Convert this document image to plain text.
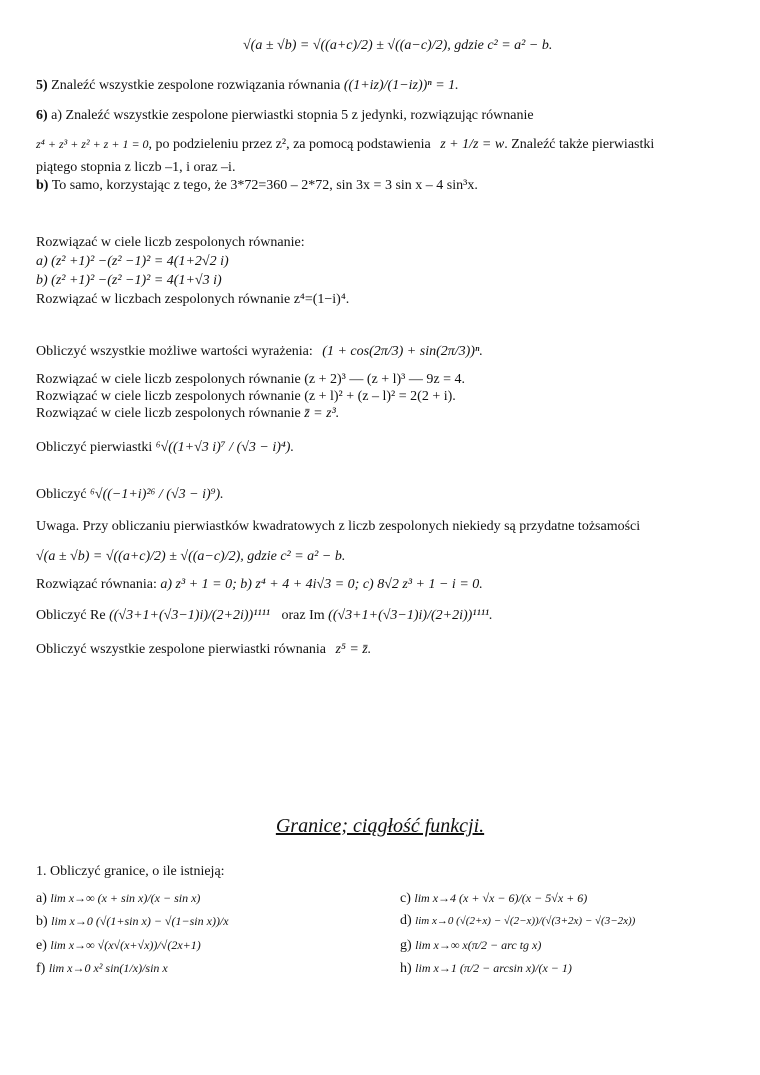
√(a ± √b) = √((a+c)/2) ± √((a−c)/2), gdzie c² = a² − b.
5) Znaleźć wszystkie zespolone rozwiązania równania ((1+iz)/(1−iz))ⁿ = 1.
6) a) Znaleźć wszystkie zespolone pierwiastki stopnia 5 z jedynki, rozwiązując równanie
z⁴ + z³ + z² + z + 1 = 0, po podzieleniu przez z², za pomocą podstawienia z + 1/z = w. Znaleźć także pierwiastki
piątego stopnia z liczb –1, i oraz –i.
b) To samo, korzystając z tego, że 3*72=360 – 2*72, sin 3x = 3 sin x – 4 sin³x.
Rozwiązać w ciele liczb zespolonych równanie:
a) (z² +1)² −(z² −1)² = 4(1+2√2 i)
b) (z² +1)² −(z² −1)² = 4(1+√3 i)
Rozwiązać w liczbach zespolonych równanie z⁴=(1−i)⁴.
Obliczyć wszystkie możliwe wartości wyrażenia: (1 + cos(2π/3) + sin(2π/3))ⁿ.
Rozwiązać w ciele liczb zespolonych równanie (z + 2)³ — (z + l)³ — 9z = 4.
Rozwiązać w ciele liczb zespolonych równanie (z + l)² + (z – l)² = 2(2 + i).
Rozwiązać w ciele liczb zespolonych równanie z̄ = z³.
Obliczyć pierwiastki ⁶√((1+√3 i)⁷ / (√3 − i)⁴).
Obliczyć ⁶√((−1+i)²⁶ / (√3 − i)⁹).
Uwaga. Przy obliczaniu pierwiastków kwadratowych z liczb zespolonych niekiedy są przydatne tożsamości
√(a ± √b) = √((a+c)/2) ± √((a−c)/2), gdzie c² = a² − b.
Rozwiązać równania: a) z³ + 1 = 0; b) z⁴ + 4 + 4i√3 = 0; c) 8√2 z³ + 1 − i = 0.
Obliczyć Re ((√3+1+(√3−1)i)/(2+2i))¹¹¹¹ oraz Im ((√3+1+(√3−1)i)/(2+2i))¹¹¹¹.
Obliczyć wszystkie zespolone pierwiastki równania z⁵ = z̄.
Granice; ciągłość funkcji.
1. Obliczyć granice, o ile istnieją:
a) lim x→∞ (x + sin x)/(x − sin x)
b) lim x→0 (√(1+sin x) − √(1−sin x))/x
c) lim x→4 (x + √x − 6)/(x − 5√x + 6)
d) lim x→0 (√(2+x) − √(2−x))/(√(3+2x) − √(3−2x))
e) lim x→∞ √(x√(x+√x))/√(2x+1)
f) lim x→0 x² sin(1/x)/sin x
g) lim x→∞ x(π/2 − arc tg x)
h) lim x→1 (π/2 − arcsin x)/(x − 1)
